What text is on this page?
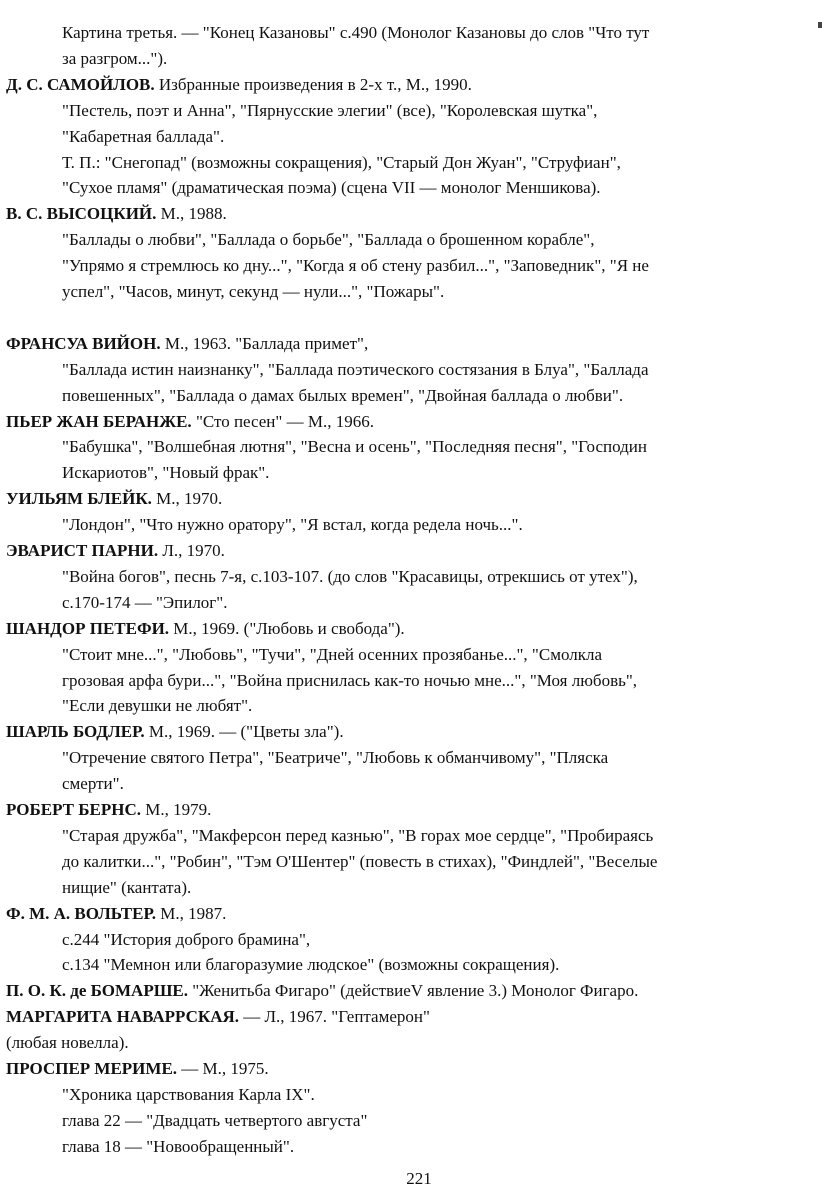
Картина третья. — "Конец Казановы" с.490 (Монолог Казановы до слов "Что тут
за разгром...").
Д. С. САМОЙЛОВ. Избранные произведения в 2-х т., М., 1990.
"Пестель, поэт и Анна", "Пярнусские элегии" (все), "Королевская шутка",
"Кабаретная баллада".
Т. П.: "Снегопад" (возможны сокращения), "Старый Дон Жуан", "Струфиан",
"Сухое пламя" (драматическая поэма) (сцена VII — монолог Меншикова).
В. С. ВЫСОЦКИЙ. М., 1988.
"Баллады о любви", "Баллада о борьбе", "Баллада о брошенном корабле",
"Упрямо я стремлюсь ко дну...", "Когда я об стену разбил...", "Заповедник", "Я не
успел", "Часов, минут, секунд — нули...", "Пожары".
ФРАНСУА ВИЙОН. М., 1963. "Баллада примет",
"Баллада истин наизнанку", "Баллада поэтического состязания в Блуа", "Баллада
повешенных", "Баллада о дамах былых времен", "Двойная баллада о любви".
ПЬЕР ЖАН БЕРАНЖЕ. "Сто песен" — М., 1966.
"Бабушка", "Волшебная лютня", "Весна и осень", "Последняя песня", "Господин
Искариотов", "Новый фрак".
УИЛЬЯМ БЛЕЙК. М., 1970.
"Лондон", "Что нужно оратору", "Я встал, когда редела ночь...".
ЭВАРИСТ ПАРНИ. Л., 1970.
"Война богов", песнь 7-я, с.103-107. (до слов "Красавицы, отрекшись от утех"),
с.170-174 — "Эпилог".
ШАНДОР ПЕТЕФИ. М., 1969. ("Любовь и свобода").
"Стоит мне...", "Любовь", "Тучи", "Дней осенних прозябанье...", "Смолкла
грозовая арфа бури...", "Война приснилась как-то ночью мне...", "Моя любовь",
"Если девушки не любят".
ШАРЛЬ БОДЛЕР. М., 1969. — ("Цветы зла").
"Отречение святого Петра", "Беатриче", "Любовь к обманчивому", "Пляска
смерти".
РОБЕРТ БЕРНС. М., 1979.
"Старая дружба", "Макферсон перед казнью", "В горах мое сердце", "Пробираясь
до калитки...", "Робин", "Тэм О'Шентер" (повесть в стихах), "Финдлей", "Веселые
нищие" (кантата).
Ф. М. А. ВОЛЬТЕР. М., 1987.
с.244 "История доброго брамина",
с.134 "Мемнон или благоразумие людское" (возможны сокращения).
П. О. К. де БОМАРШЕ. "Женитьба Фигаро" (действиеV явление 3.) Монолог Фигаро.
МАРГАРИТА НАВАРРСКАЯ. — Л., 1967. "Гептамерон"
(любая новелла).
ПРОСПЕР МЕРИМЕ. — М., 1975.
"Хроника царствования Карла IX".
глава 22 — "Двадцать четвертого августа"
глава 18 — "Новообращенный".
221
